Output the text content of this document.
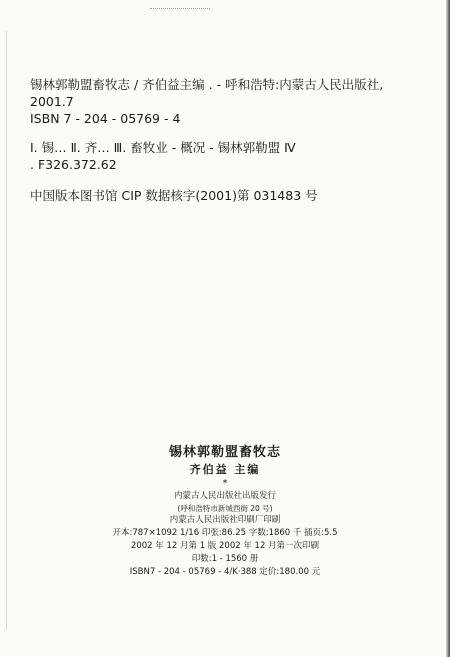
锡林郭勒盟畜牧志 / 齐伯益主编 . - 呼和浩特:内蒙古人民出版社,
2001.7
ISBN 7 - 204 - 05769 - 4
Ⅰ. 锡… Ⅱ. 齐… Ⅲ. 畜牧业 - 概况 - 锡林郭勒盟 Ⅳ
. F326.372.62
中国版本图书馆 CIP 数据核字(2001)第 031483 号
锡林郭勒盟畜牧志
齐伯益 主编
*
内蒙古人民出版社出版发行
(呼和浩特市新城西街 20 号)
内蒙古人民出版社印刷厂印刷
开本:787×1092 1/16 印张:86.25 字数:1860 千 插页:5.5
2002 年 12 月第 1 版 2002 年 12 月第一次印刷
印数:1 - 1560 册
ISBN7 - 204 - 05769 - 4/K·388 定价:180.00 元
